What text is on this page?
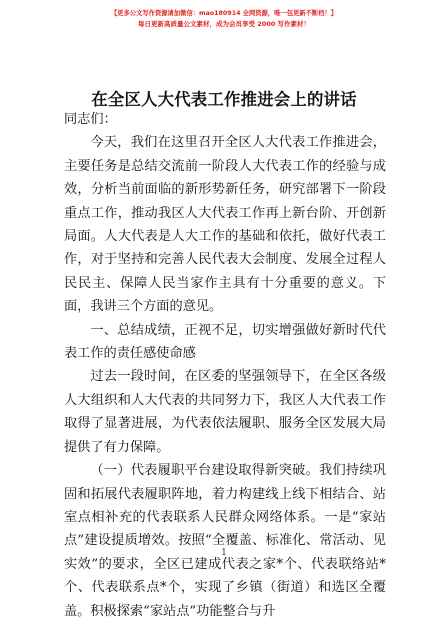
【更多公文写作资源请加微信：mao180914 全网资源，唯一包更新不断档！】
每日更新高质量公文素材，成为会员享受 2000 写作素材！
在全区人大代表工作推进会上的讲话

同志们：

今天，我们在这里召开全区人大代表工作推进会，主要任务是总结交流前一阶段人大代表工作的经验与成效，分析当前面临的新形势新任务，研究部署下一阶段重点工作，推动我区人大代表工作再上新台阶、开创新局面。人大代表是人大工作的基础和依托，做好代表工作，对于坚持和完善人民代表大会制度、发展全过程人民民主、保障人民当家作主具有十分重要的意义。下面，我讲三个方面的意见。

一、总结成绩，正视不足，切实增强做好新时代代表工作的责任感使命感

过去一段时间，在区委的坚强领导下，在全区各级人大组织和人大代表的共同努力下，我区人大代表工作取得了显著进展，为代表依法履职、服务全区发展大局提供了有力保障。

（一）代表履职平台建设取得新突破。我们持续巩固和拓展代表履职阵地，着力构建线上线下相结合、站室点相补充的代表联系人民群众网络体系。一是“家站点”建设提质增效。按照“全覆盖、标准化、常活动、见实效”的要求，全区已建成代表之家*个、代表联络站*个、代表联系点*个，实现了乡镇（街道）和选区全覆盖。积极探索“家站点”功能整合与升

1
